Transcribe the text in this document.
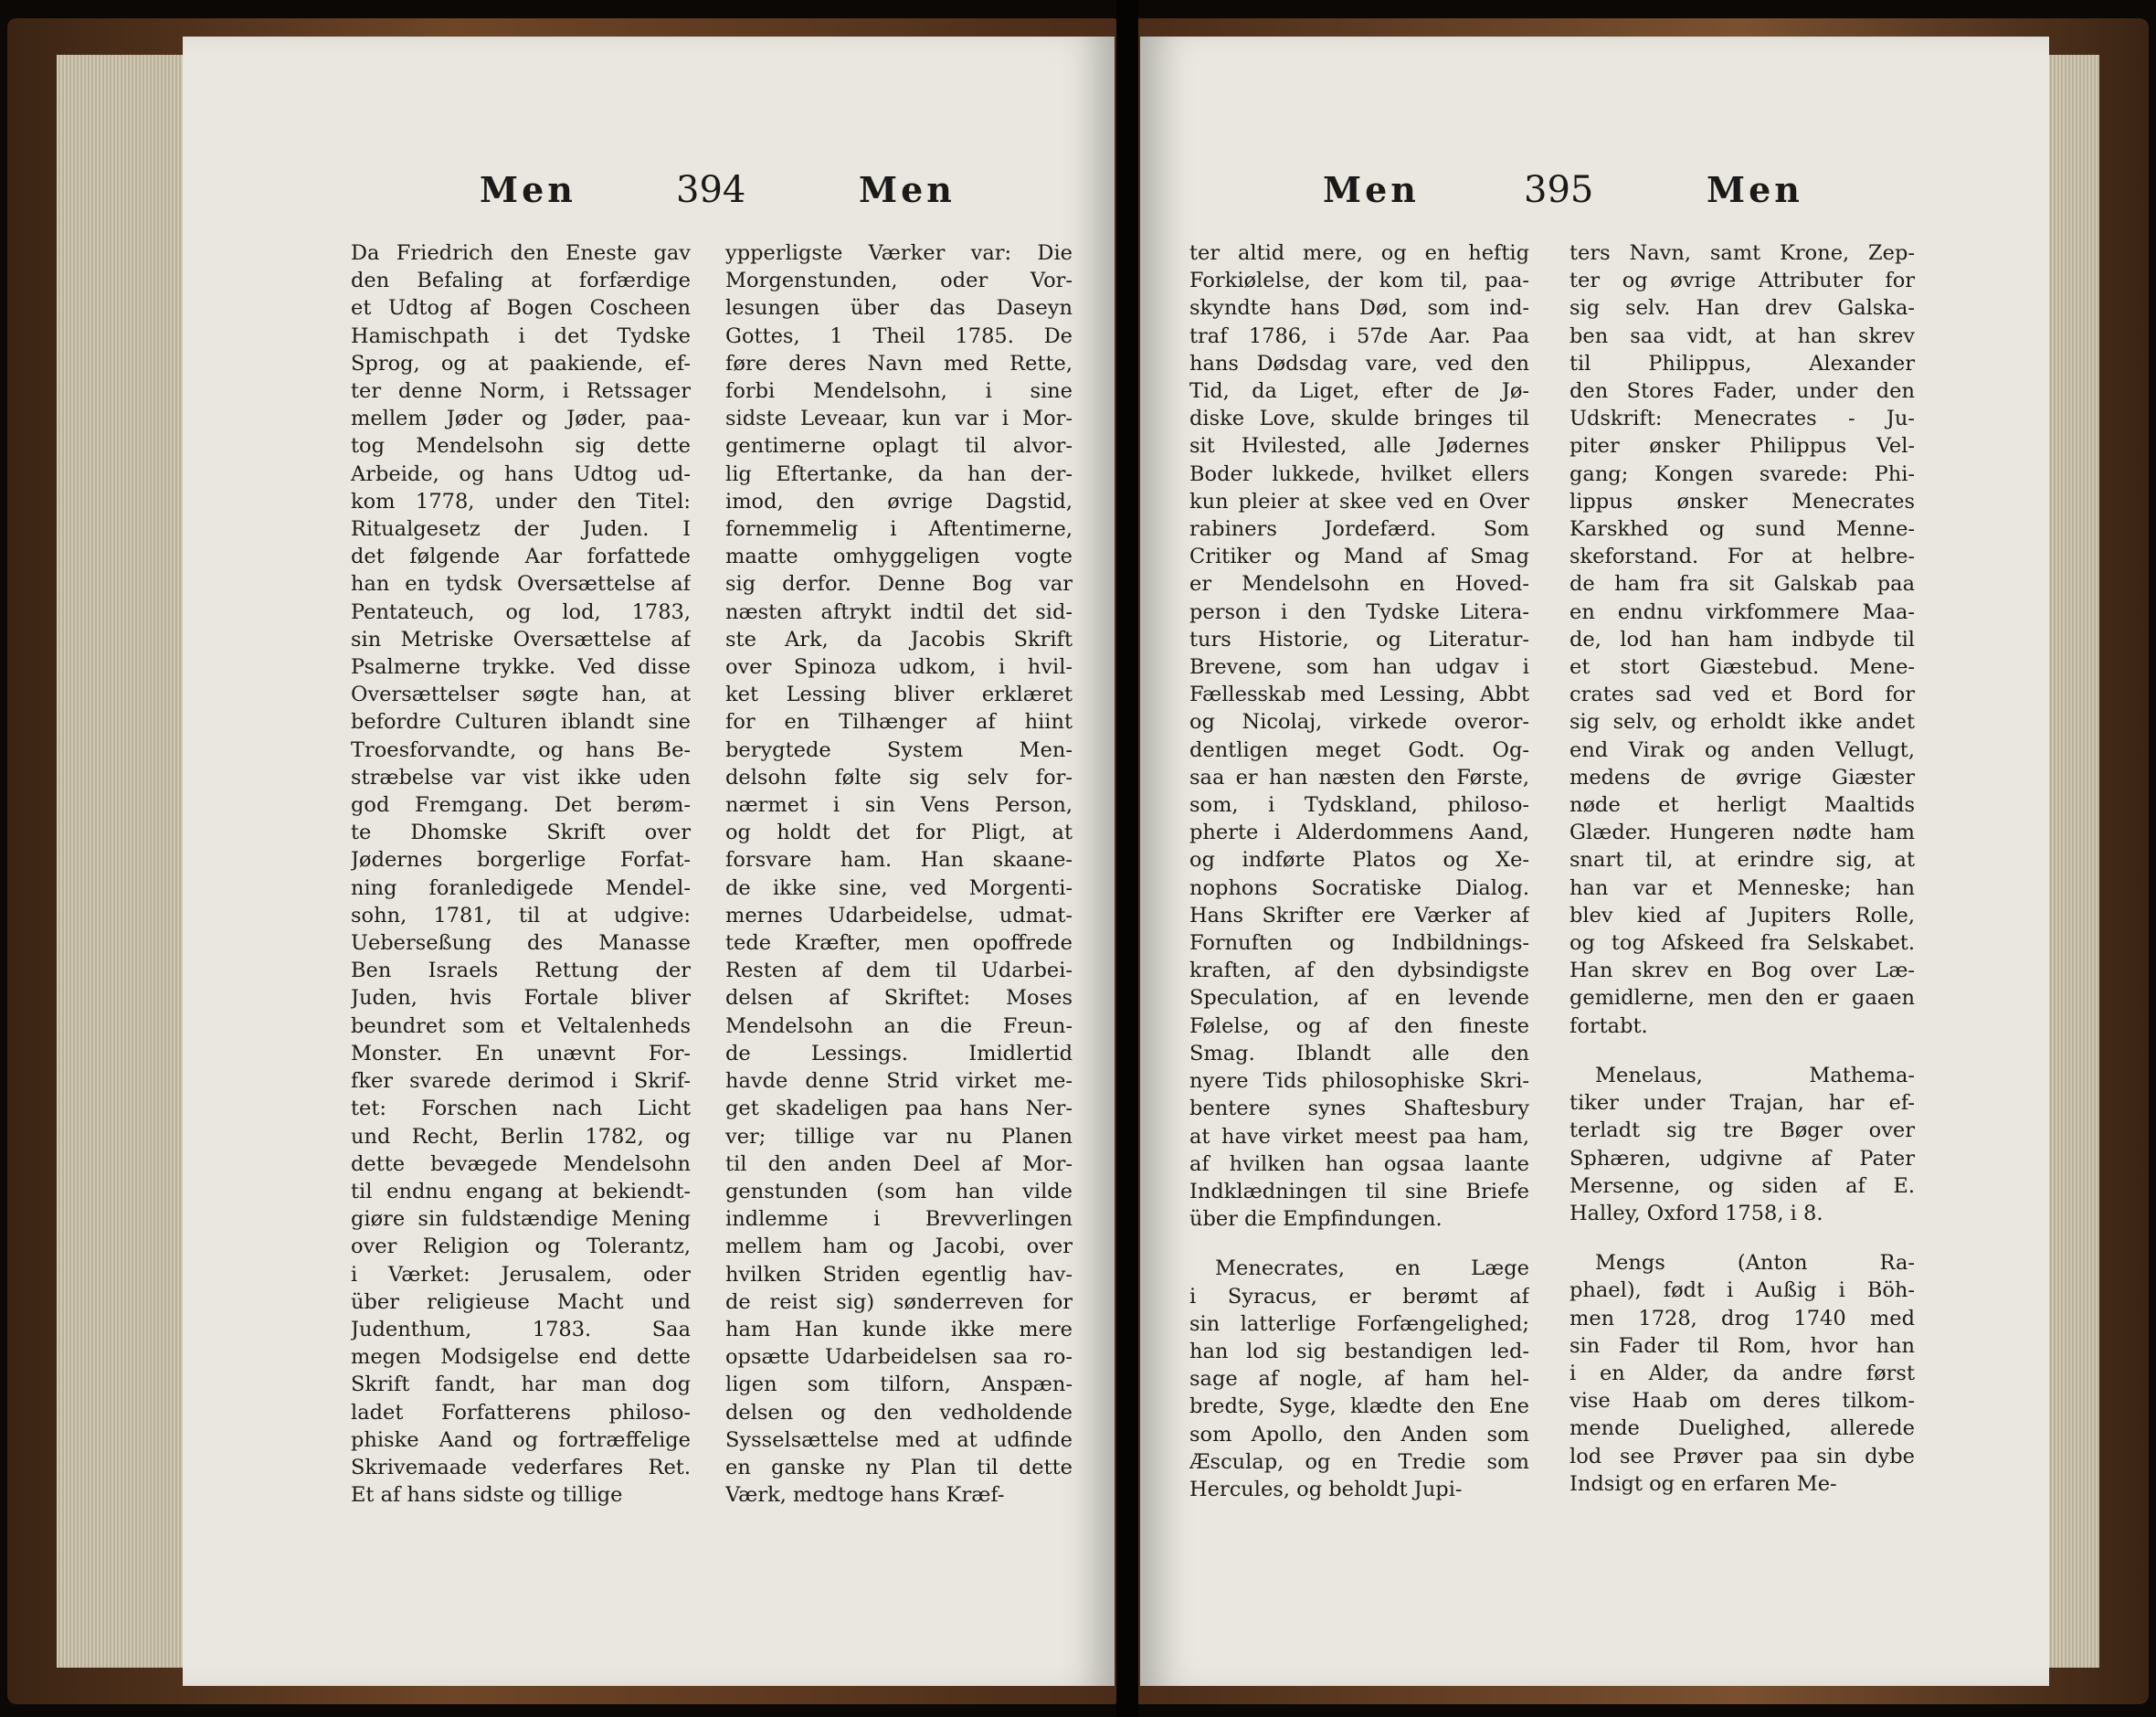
Men	394	Men
Da Friedrich den Eneste gav
den Befaling at forfærdige
et Udtog af Bogen Coscheen
Hamischpath i det Tydske
Sprog, og at paakiende, ef-
ter denne Norm, i Retssager
mellem Jøder og Jøder, paa-
tog Mendelsohn sig dette
Arbeide, og hans Udtog ud-
kom 1778, under den Titel:
Ritualgesetz der Juden. I
det følgende Aar forfattede
han en tydsk Oversættelse af
Pentateuch, og lod, 1783,
sin Metriske Oversættelse af
Psalmerne trykke. Ved disse
Oversættelser søgte han, at
befordre Culturen iblandt sine
Troesforvandte, og hans Be-
stræbelse var vist ikke uden
god Fremgang. Det berøm-
te Dhomske Skrift over
Jødernes borgerlige Forfat-
ning foranledigede Mendel-
sohn, 1781, til at udgive:
Ueberseßung des Manasse
Ben Israels Rettung der
Juden, hvis Fortale bliver
beundret som et Veltalenheds
Monster. En unævnt For-
fker svarede derimod i Skrif-
tet: Forschen nach Licht
und Recht, Berlin 1782, og
dette bevægede Mendelsohn
til endnu engang at bekiendt-
giøre sin fuldstændige Mening
over Religion og Tolerantz,
i Værket: Jerusalem, oder
über religieuse Macht und
Judenthum, 1783. Saa
megen Modsigelse end dette
Skrift fandt, har man dog
ladet Forfatterens philoso-
phiske Aand og fortræffelige
Skrivemaade vederfares Ret.
Et af hans sidste og tillige
ypperligste Værker var: Die
Morgenstunden, oder Vor-
lesungen über das Daseyn
Gottes, 1 Theil 1785. De
føre deres Navn med Rette,
forbi Mendelsohn, i sine
sidste Leveaar, kun var i Mor-
gentimerne oplagt til alvor-
lig Eftertanke, da han der-
imod, den øvrige Dagstid,
fornemmelig i Aftentimerne,
maatte omhyggeligen vogte
sig derfor. Denne Bog var
næsten aftrykt indtil det sid-
ste Ark, da Jacobis Skrift
over Spinoza udkom, i hvil-
ket Lessing bliver erklæret
for en Tilhænger af hiint
berygtede System Men-
delsohn følte sig selv for-
nærmet i sin Vens Person,
og holdt det for Pligt, at
forsvare ham. Han skaane-
de ikke sine, ved Morgenti-
mernes Udarbeidelse, udmat-
tede Kræfter, men opoffrede
Resten af dem til Udarbei-
delsen af Skriftet: Moses
Mendelsohn an die Freun-
de Lessings. Imidlertid
havde denne Strid virket me-
get skadeligen paa hans Ner-
ver; tillige var nu Planen
til den anden Deel af Mor-
genstunden (som han vilde
indlemme i Brevverlingen
mellem ham og Jacobi, over
hvilken Striden egentlig hav-
de reist sig) sønderreven for
ham Han kunde ikke mere
opsætte Udarbeidelsen saa ro-
ligen som tilforn, Anspæn-
delsen og den vedholdende
Sysselsættelse med at udfinde
en ganske ny Plan til dette
Værk, medtoge hans Kræf-
Men	395	Men
ter altid mere, og en heftig
Forkiølelse, der kom til, paa-
skyndte hans Død, som ind-
traf 1786, i 57de Aar. Paa
hans Dødsdag vare, ved den
Tid, da Liget, efter de Jø-
diske Love, skulde bringes til
sit Hvilested, alle Jødernes
Boder lukkede, hvilket ellers
kun pleier at skee ved en Over
rabiners Jordefærd. Som
Critiker og Mand af Smag
er Mendelsohn en Hoved-
person i den Tydske Litera-
turs Historie, og Literatur-
Brevene, som han udgav i
Fællesskab med Lessing, Abbt
og Nicolaj, virkede overor-
dentligen meget Godt. Og-
saa er han næsten den Første,
som, i Tydskland, philoso-
pherte i Alderdommens Aand,
og indførte Platos og Xe-
nophons Socratiske Dialog.
Hans Skrifter ere Værker af
Fornuften og Indbildnings-
kraften, af den dybsindigste
Speculation, af en levende
Følelse, og af den fineste
Smag. Iblandt alle den
nyere Tids philosophiske Skri-
bentere synes Shaftesbury
at have virket meest paa ham,
af hvilken han ogsaa laante
Indklædningen til sine Briefe
über die Empfindungen.
Menecrates, en Læge
i Syracus, er berømt af
sin latterlige Forfængelighed;
han lod sig bestandigen led-
sage af nogle, af ham hel-
bredte, Syge, klædte den Ene
som Apollo, den Anden som
Æsculap, og en Tredie som
Hercules, og beholdt Jupi-
ters Navn, samt Krone, Zep-
ter og øvrige Attributer for
sig selv. Han drev Galska-
ben saa vidt, at han skrev
til Philippus, Alexander
den Stores Fader, under den
Udskrift: Menecrates - Ju-
piter ønsker Philippus Vel-
gang; Kongen svarede: Phi-
lippus ønsker Menecrates
Karskhed og sund Menne-
skeforstand. For at helbre-
de ham fra sit Galskab paa
en endnu virkfommere Maa-
de, lod han ham indbyde til
et stort Giæstebud. Mene-
crates sad ved et Bord for
sig selv, og erholdt ikke andet
end Virak og anden Vellugt,
medens de øvrige Giæster
nøde et herligt Maaltids
Glæder. Hungeren nødte ham
snart til, at erindre sig, at
han var et Menneske; han
blev kied af Jupiters Rolle,
og tog Afskeed fra Selskabet.
Han skrev en Bog over Læ-
gemidlerne, men den er gaaen
fortabt.
Menelaus, Mathema-
tiker under Trajan, har ef-
terladt sig tre Bøger over
Sphæren, udgivne af Pater
Mersenne, og siden af E.
Halley, Oxford 1758, i 8.
Mengs (Anton Ra-
phael), født i Außig i Böh-
men 1728, drog 1740 med
sin Fader til Rom, hvor han
i en Alder, da andre først
vise Haab om deres tilkom-
mende Duelighed, allerede
lod see Prøver paa sin dybe
Indsigt og en erfaren Me-
